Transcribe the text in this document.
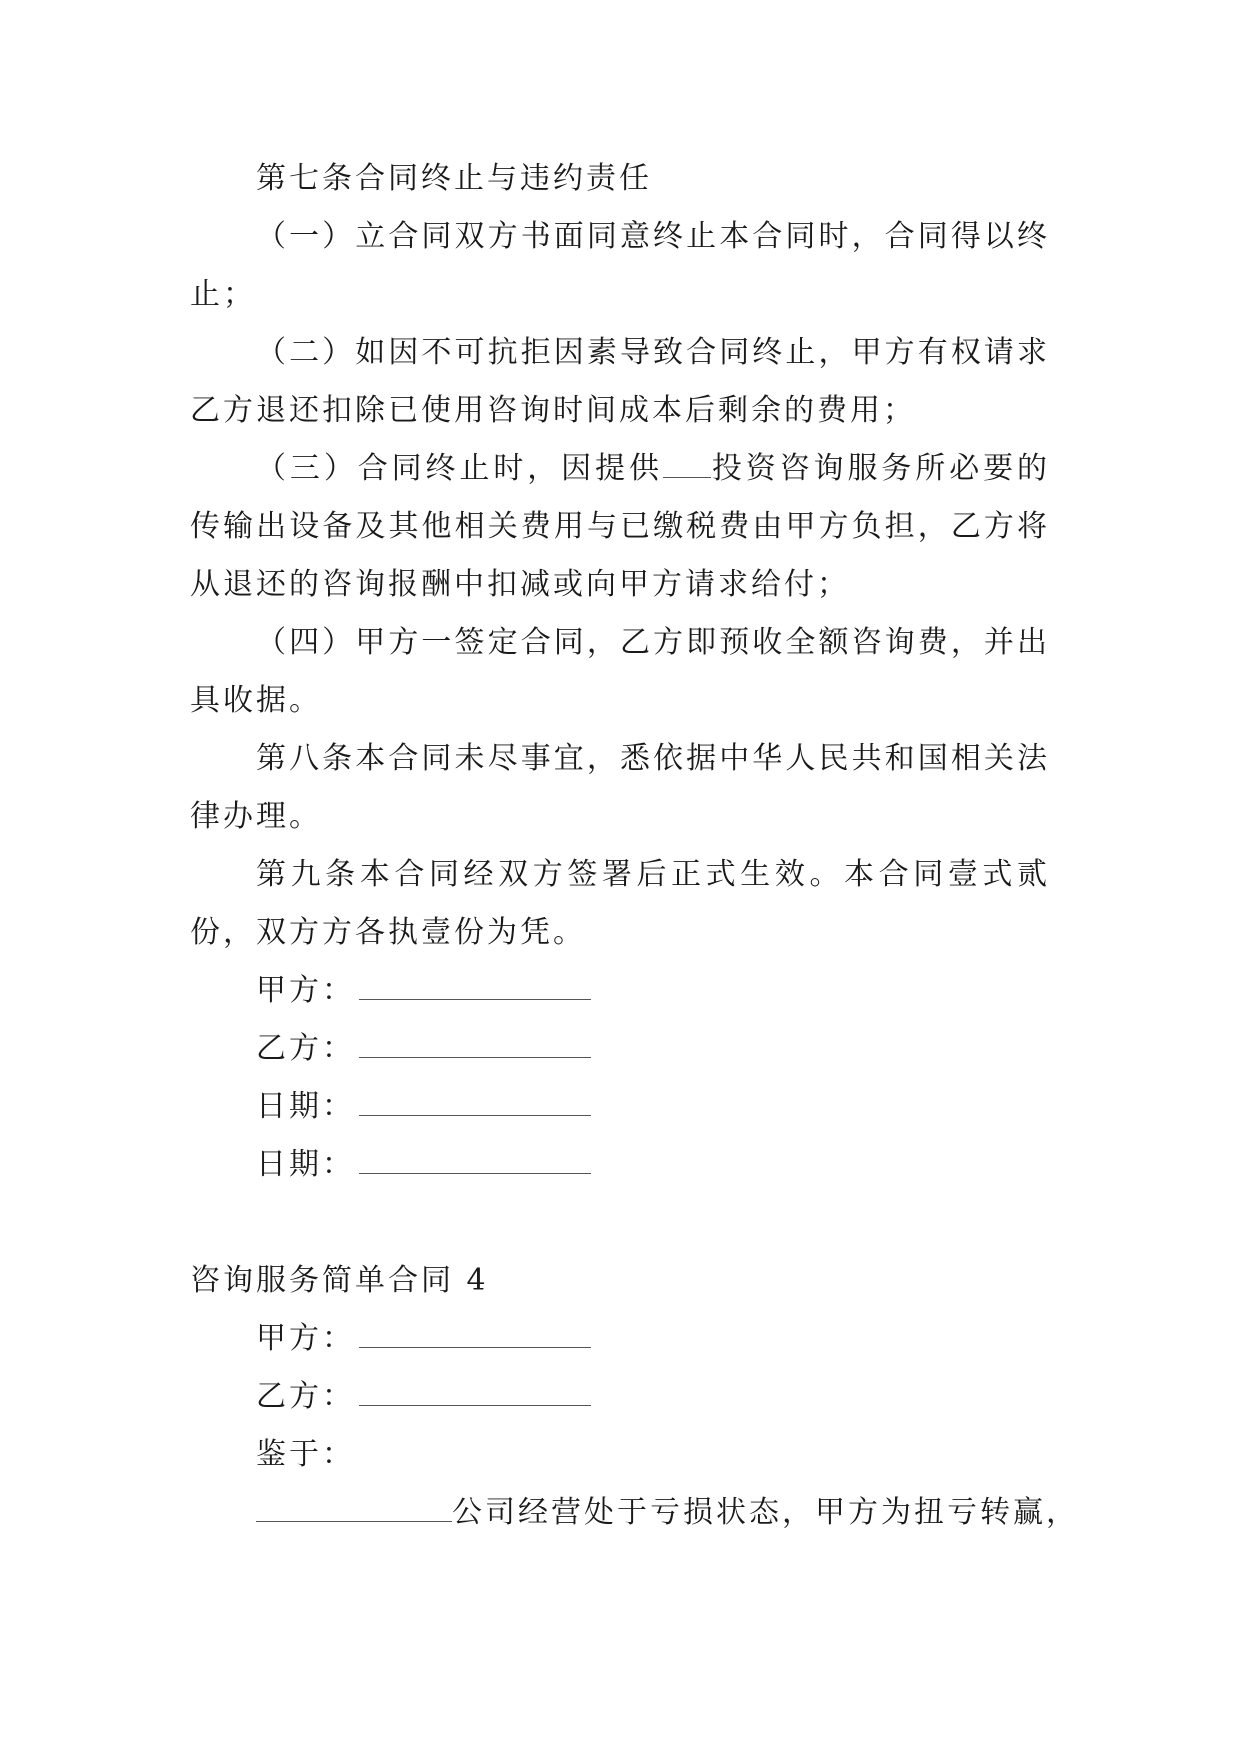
第七条合同终止与违约责任

（一）立合同双方书面同意终止本合同时，合同得以终止；

（二）如因不可抗拒因素导致合同终止，甲方有权请求乙方退还扣除已使用咨询时间成本后剩余的费用；

（三）合同终止时，因提供 投资咨询服务所必要的传输出设备及其他相关费用与已缴税费由甲方负担，乙方将从退还的咨询报酬中扣减或向甲方请求给付；

（四）甲方一签定合同，乙方即预收全额咨询费，并出具收据。

第八条本合同未尽事宜，悉依据中华人民共和国相关法律办理。

第九条本合同经双方签署后正式生效。本合同壹式贰份，双方方各执壹份为凭。

甲方：
乙方：
日期：
日期：

咨询服务简单合同 4

甲方：
乙方：
鉴于：
公司经营处于亏损状态，甲方为扭亏转赢，
